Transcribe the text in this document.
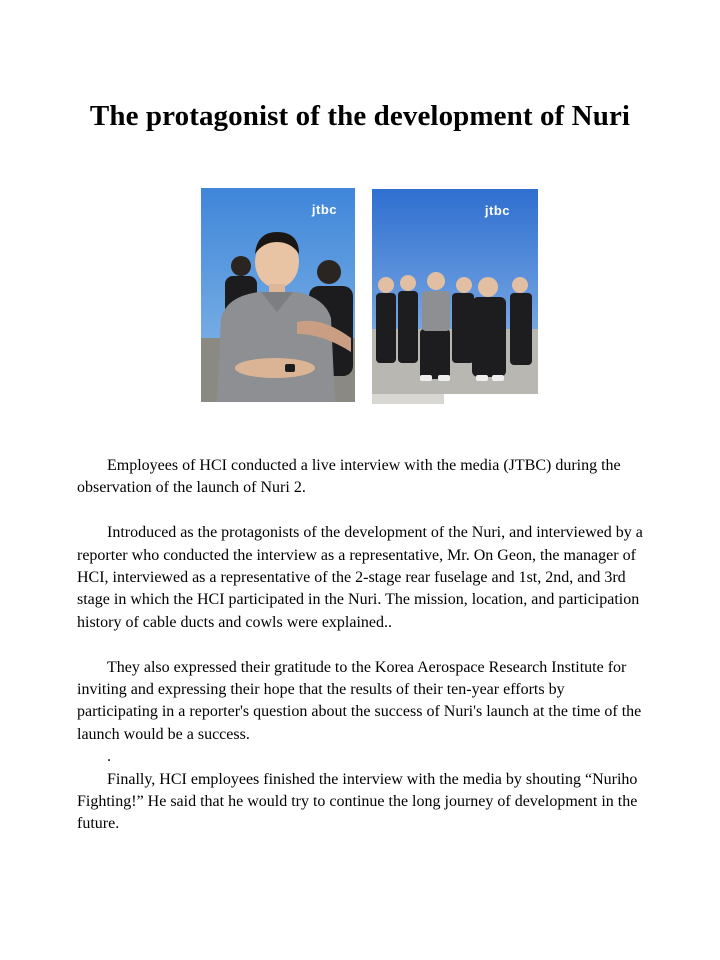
The protagonist of the development of Nuri
jtbc	jtbc

Employees of HCI conducted a live interview with the media (JTBC) during the observation of the launch of Nuri 2.

Introduced as the protagonists of the development of the Nuri, and interviewed by a reporter who conducted the interview as a representative, Mr. On Geon, the manager of HCI, interviewed as a representative of the 2-stage rear fuselage and 1st, 2nd, and 3rd stage in which the HCI participated in the Nuri. The mission, location, and participation history of cable ducts and cowls were explained..

They also expressed their gratitude to the Korea Aerospace Research Institute for inviting and expressing their hope that the results of their ten-year efforts by participating in a reporter's question about the success of Nuri's launch at the time of the launch would be a success.

.

Finally, HCI employees finished the interview with the media by shouting “Nuriho Fighting!” He said that he would try to continue the long journey of development in the future.
